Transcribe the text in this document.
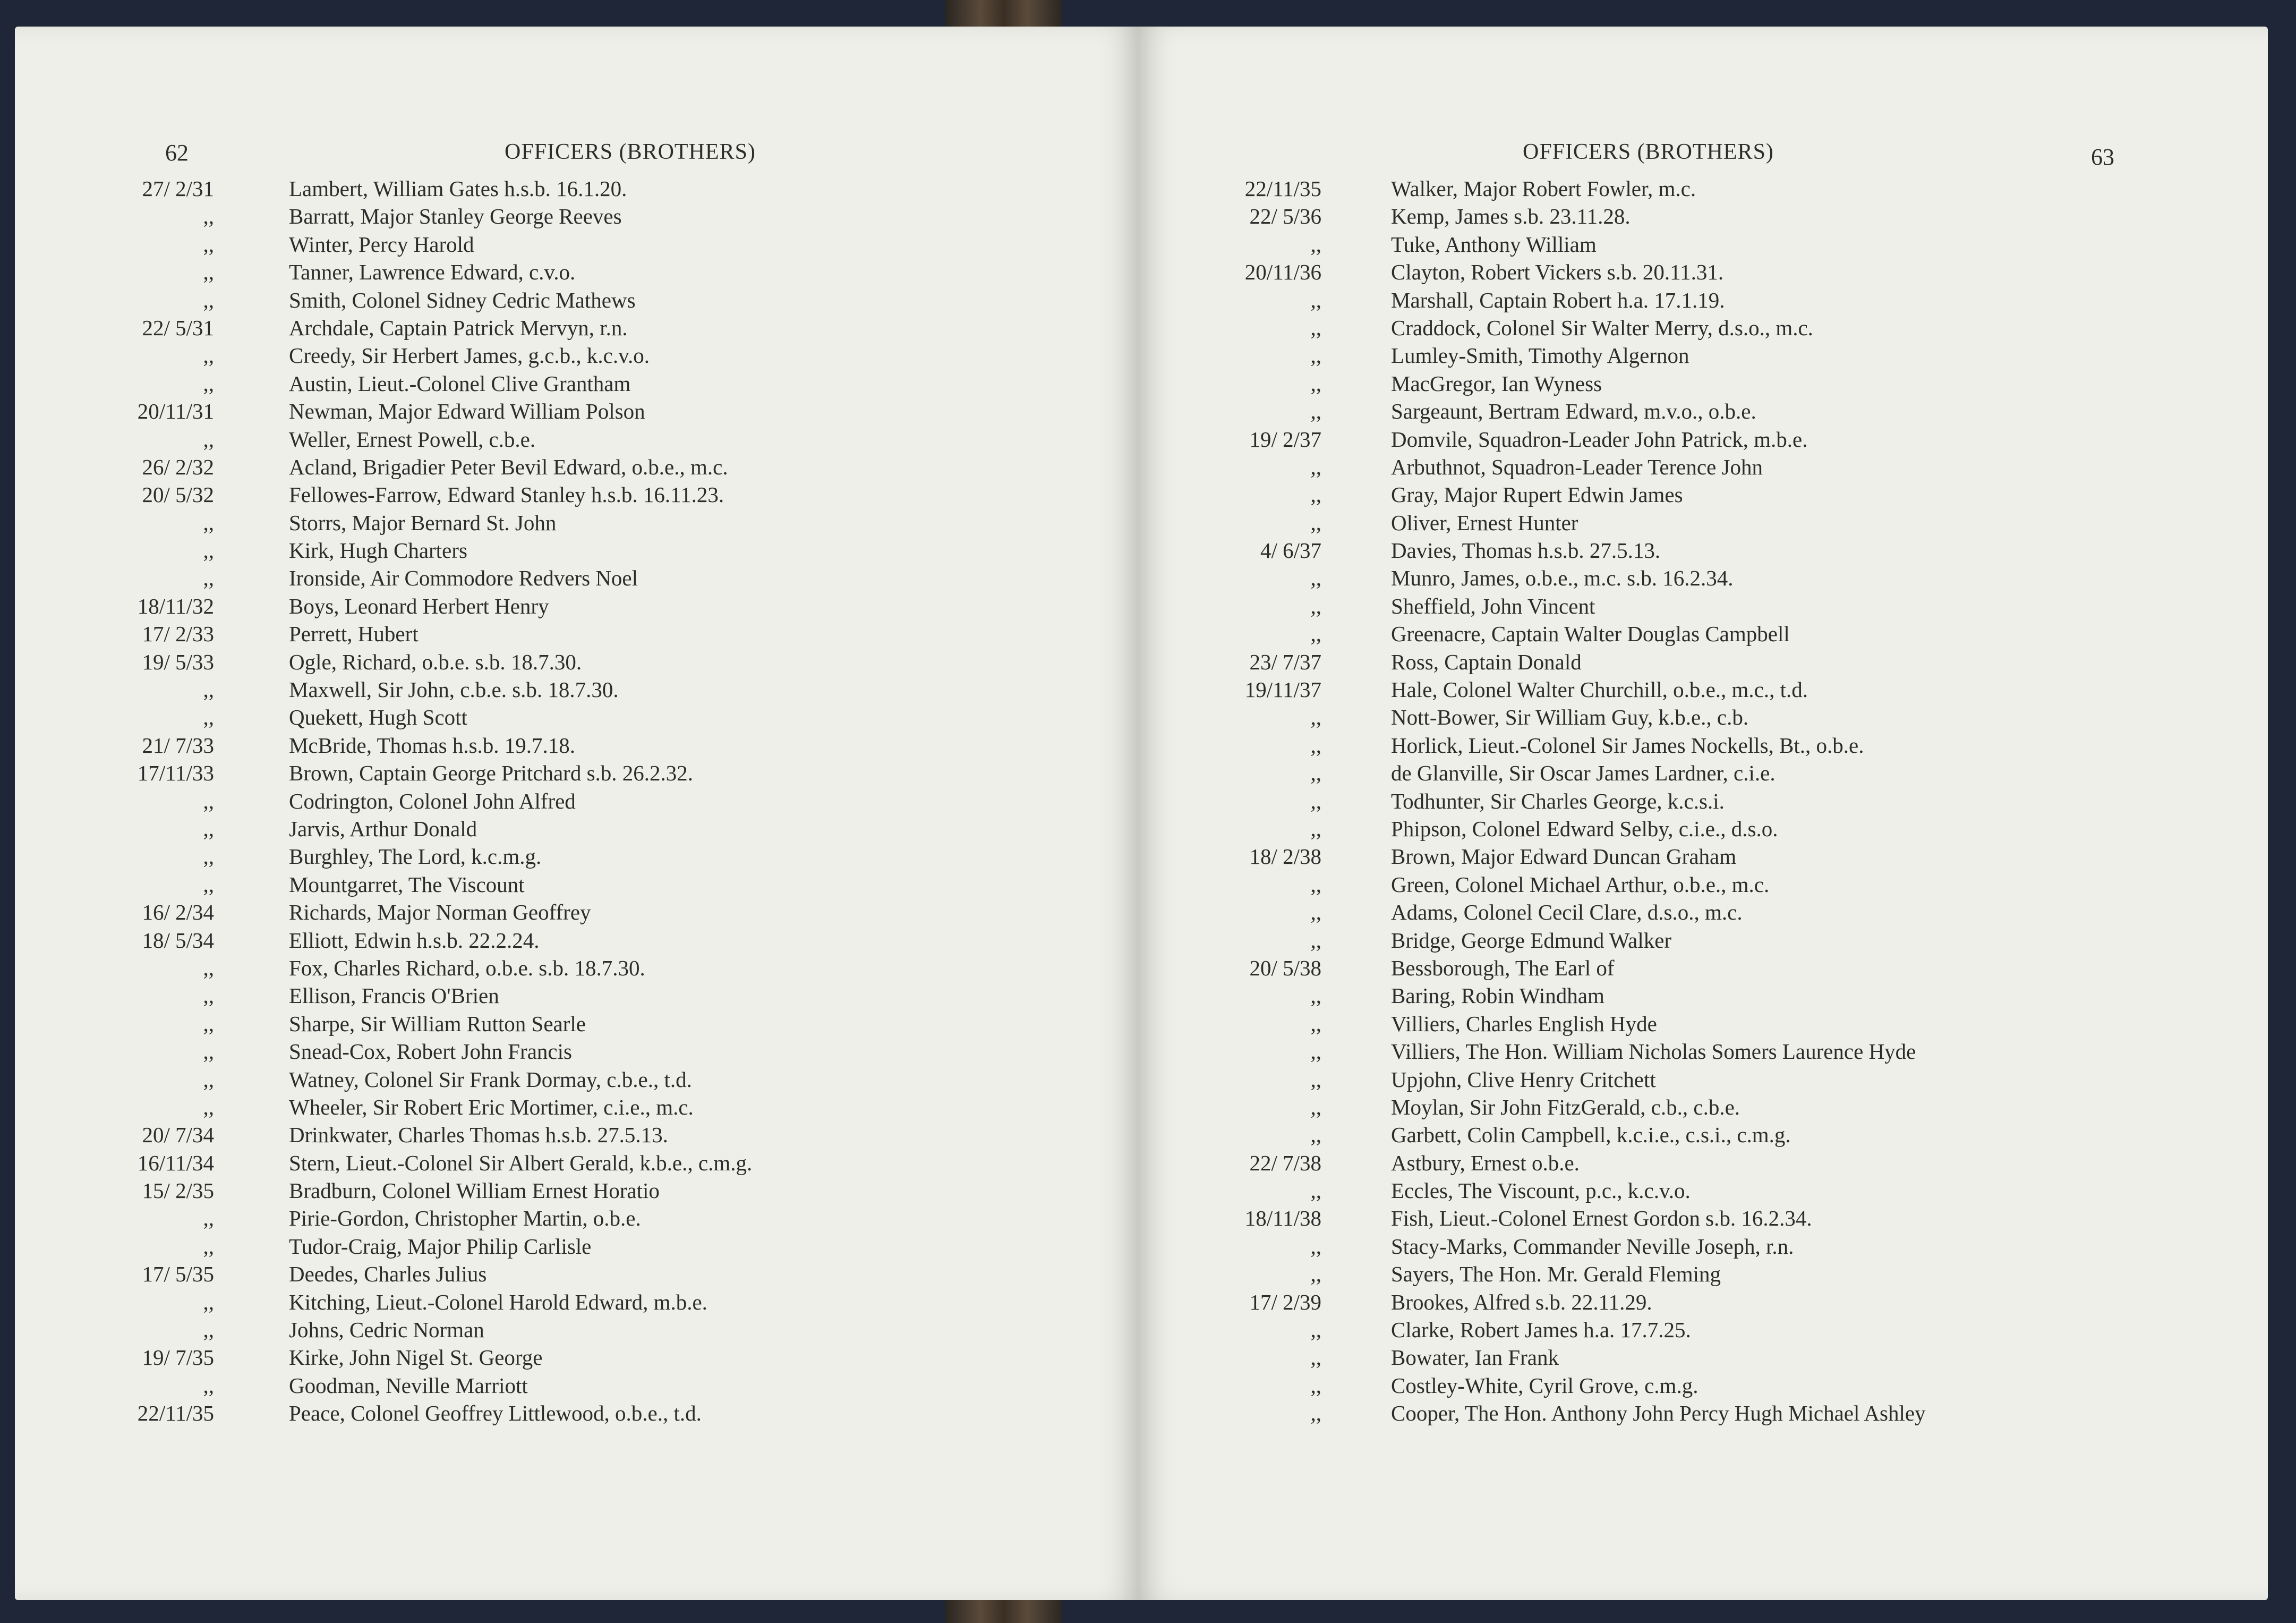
62	OFFICERS (BROTHERS)
27/ 2/31	Lambert, William Gates h.s.b. 16.1.20.
,,	Barratt, Major Stanley George Reeves
,,	Winter, Percy Harold
,,	Tanner, Lawrence Edward, c.v.o.
,,	Smith, Colonel Sidney Cedric Mathews
22/ 5/31	Archdale, Captain Patrick Mervyn, r.n.
,,	Creedy, Sir Herbert James, g.c.b., k.c.v.o.
,,	Austin, Lieut.-Colonel Clive Grantham
20/11/31	Newman, Major Edward William Polson
,,	Weller, Ernest Powell, c.b.e.
26/ 2/32	Acland, Brigadier Peter Bevil Edward, o.b.e., m.c.
20/ 5/32	Fellowes-Farrow, Edward Stanley h.s.b. 16.11.23.
,,	Storrs, Major Bernard St. John
,,	Kirk, Hugh Charters
,,	Ironside, Air Commodore Redvers Noel
18/11/32	Boys, Leonard Herbert Henry
17/ 2/33	Perrett, Hubert
19/ 5/33	Ogle, Richard, o.b.e. s.b. 18.7.30.
,,	Maxwell, Sir John, c.b.e. s.b. 18.7.30.
,,	Quekett, Hugh Scott
21/ 7/33	McBride, Thomas h.s.b. 19.7.18.
17/11/33	Brown, Captain George Pritchard s.b. 26.2.32.
,,	Codrington, Colonel John Alfred
,,	Jarvis, Arthur Donald
,,	Burghley, The Lord, k.c.m.g.
,,	Mountgarret, The Viscount
16/ 2/34	Richards, Major Norman Geoffrey
18/ 5/34	Elliott, Edwin h.s.b. 22.2.24.
,,	Fox, Charles Richard, o.b.e. s.b. 18.7.30.
,,	Ellison, Francis O'Brien
,,	Sharpe, Sir William Rutton Searle
,,	Snead-Cox, Robert John Francis
,,	Watney, Colonel Sir Frank Dormay, c.b.e., t.d.
,,	Wheeler, Sir Robert Eric Mortimer, c.i.e., m.c.
20/ 7/34	Drinkwater, Charles Thomas h.s.b. 27.5.13.
16/11/34	Stern, Lieut.-Colonel Sir Albert Gerald, k.b.e., c.m.g.
15/ 2/35	Bradburn, Colonel William Ernest Horatio
,,	Pirie-Gordon, Christopher Martin, o.b.e.
,,	Tudor-Craig, Major Philip Carlisle
17/ 5/35	Deedes, Charles Julius
,,	Kitching, Lieut.-Colonel Harold Edward, m.b.e.
,,	Johns, Cedric Norman
19/ 7/35	Kirke, John Nigel St. George
,,	Goodman, Neville Marriott
22/11/35	Peace, Colonel Geoffrey Littlewood, o.b.e., t.d.
OFFICERS (BROTHERS)	63
22/11/35	Walker, Major Robert Fowler, m.c.
22/ 5/36	Kemp, James s.b. 23.11.28.
,,	Tuke, Anthony William
20/11/36	Clayton, Robert Vickers s.b. 20.11.31.
,,	Marshall, Captain Robert h.a. 17.1.19.
,,	Craddock, Colonel Sir Walter Merry, d.s.o., m.c.
,,	Lumley-Smith, Timothy Algernon
,,	MacGregor, Ian Wyness
,,	Sargeaunt, Bertram Edward, m.v.o., o.b.e.
19/ 2/37	Domvile, Squadron-Leader John Patrick, m.b.e.
,,	Arbuthnot, Squadron-Leader Terence John
,,	Gray, Major Rupert Edwin James
,,	Oliver, Ernest Hunter
4/ 6/37	Davies, Thomas h.s.b. 27.5.13.
,,	Munro, James, o.b.e., m.c. s.b. 16.2.34.
,,	Sheffield, John Vincent
,,	Greenacre, Captain Walter Douglas Campbell
23/ 7/37	Ross, Captain Donald
19/11/37	Hale, Colonel Walter Churchill, o.b.e., m.c., t.d.
,,	Nott-Bower, Sir William Guy, k.b.e., c.b.
,,	Horlick, Lieut.-Colonel Sir James Nockells, Bt., o.b.e.
,,	de Glanville, Sir Oscar James Lardner, c.i.e.
,,	Todhunter, Sir Charles George, k.c.s.i.
,,	Phipson, Colonel Edward Selby, c.i.e., d.s.o.
18/ 2/38	Brown, Major Edward Duncan Graham
,,	Green, Colonel Michael Arthur, o.b.e., m.c.
,,	Adams, Colonel Cecil Clare, d.s.o., m.c.
,,	Bridge, George Edmund Walker
20/ 5/38	Bessborough, The Earl of
,,	Baring, Robin Windham
,,	Villiers, Charles English Hyde
,,	Villiers, The Hon. William Nicholas Somers Laurence Hyde
,,	Upjohn, Clive Henry Critchett
,,	Moylan, Sir John FitzGerald, c.b., c.b.e.
,,	Garbett, Colin Campbell, k.c.i.e., c.s.i., c.m.g.
22/ 7/38	Astbury, Ernest o.b.e.
,,	Eccles, The Viscount, p.c., k.c.v.o.
18/11/38	Fish, Lieut.-Colonel Ernest Gordon s.b. 16.2.34.
,,	Stacy-Marks, Commander Neville Joseph, r.n.
,,	Sayers, The Hon. Mr. Gerald Fleming
17/ 2/39	Brookes, Alfred s.b. 22.11.29.
,,	Clarke, Robert James h.a. 17.7.25.
,,	Bowater, Ian Frank
,,	Costley-White, Cyril Grove, c.m.g.
,,	Cooper, The Hon. Anthony John Percy Hugh Michael Ashley
